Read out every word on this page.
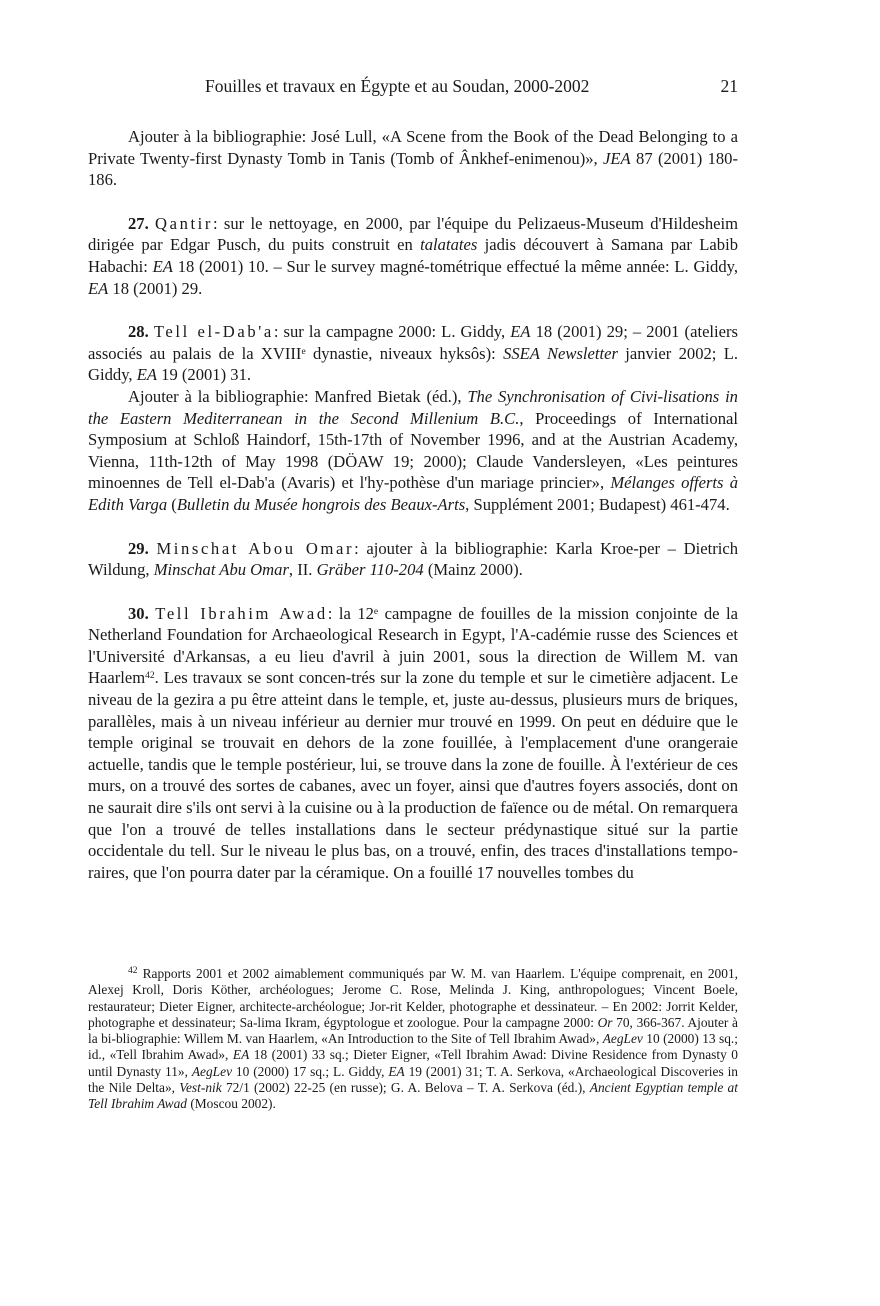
Fouilles et travaux en Égypte et au Soudan, 2000-2002	21

Ajouter à la bibliographie: José Lull, «A Scene from the Book of the Dead Belonging to a Private Twenty-first Dynasty Tomb in Tanis (Tomb of Ânkhef-enimenou)», JEA 87 (2001) 180-186.

27. Qantir: sur le nettoyage, en 2000, par l'équipe du Pelizaeus-Museum d'Hildesheim dirigée par Edgar Pusch, du puits construit en talatates jadis découvert à Samana par Labib Habachi: EA 18 (2001) 10. – Sur le survey magné-tométrique effectué la même année: L. Giddy, EA 18 (2001) 29.

28. Tell el-Dab'a: sur la campagne 2000: L. Giddy, EA 18 (2001) 29; – 2001 (ateliers associés au palais de la XVIIIe dynastie, niveaux hyksôs): SSEA Newsletter janvier 2002; L. Giddy, EA 19 (2001) 31.

Ajouter à la bibliographie: Manfred Bietak (éd.), The Synchronisation of Civi-lisations in the Eastern Mediterranean in the Second Millenium B.C., Proceedings of International Symposium at Schloß Haindorf, 15th-17th of November 1996, and at the Austrian Academy, Vienna, 11th-12th of May 1998 (DÖAW 19; 2000); Claude Vandersleyen, «Les peintures minoennes de Tell el-Dab'a (Avaris) et l'hy-pothèse d'un mariage princier», Mélanges offerts à Edith Varga (Bulletin du Musée hongrois des Beaux-Arts, Supplément 2001; Budapest) 461-474.

29. Minschat Abou Omar: ajouter à la bibliographie: Karla Kroe-per – Dietrich Wildung, Minschat Abu Omar, II. Gräber 110-204 (Mainz 2000).

30. Tell Ibrahim Awad: la 12e campagne de fouilles de la mission conjointe de la Netherland Foundation for Archaeological Research in Egypt, l'A-cadémie russe des Sciences et l'Université d'Arkansas, a eu lieu d'avril à juin 2001, sous la direction de Willem M. van Haarlem$^{42}$. Les travaux se sont concen-trés sur la zone du temple et sur le cimetière adjacent. Le niveau de la gezira a pu être atteint dans le temple, et, juste au-dessus, plusieurs murs de briques, parallèles, mais à un niveau inférieur au dernier mur trouvé en 1999. On peut en déduire que le temple original se trouvait en dehors de la zone fouillée, à l'emplacement d'une orangeraie actuelle, tandis que le temple postérieur, lui, se trouve dans la zone de fouille. À l'extérieur de ces murs, on a trouvé des sortes de cabanes, avec un foyer, ainsi que d'autres foyers associés, dont on ne saurait dire s'ils ont servi à la cuisine ou à la production de faïence ou de métal. On remarquera que l'on a trouvé de telles installations dans le secteur prédynastique situé sur la partie occidentale du tell. Sur le niveau le plus bas, on a trouvé, enfin, des traces d'installations tempo-raires, que l'on pourra dater par la céramique. On a fouillé 17 nouvelles tombes du

$^{42}$ Rapports 2001 et 2002 aimablement communiqués par W. M. van Haarlem. L'équipe comprenait, en 2001, Alexej Kroll, Doris Köther, archéologues; Jerome C. Rose, Melinda J. King, anthropologues; Vincent Boele, restaurateur; Dieter Eigner, architecte-archéologue; Jor-rit Kelder, photographe et dessinateur. – En 2002: Jorrit Kelder, photographe et dessinateur; Sa-lima Ikram, égyptologue et zoologue. Pour la campagne 2000: Or 70, 366-367. Ajouter à la bi-bliographie: Willem M. van Haarlem, «An Introduction to the Site of Tell Ibrahim Awad», AegLev 10 (2000) 13 sq.; id., «Tell Ibrahim Awad», EA 18 (2001) 33 sq.; Dieter Eigner, «Tell Ibrahim Awad: Divine Residence from Dynasty 0 until Dynasty 11», AegLev 10 (2000) 17 sq.; L. Giddy, EA 19 (2001) 31; T. A. Serkova, «Archaeological Discoveries in the Nile Delta», Vest-nik 72/1 (2002) 22-25 (en russe); G. A. Belova – T. A. Serkova (éd.), Ancient Egyptian temple at Tell Ibrahim Awad (Moscou 2002).
